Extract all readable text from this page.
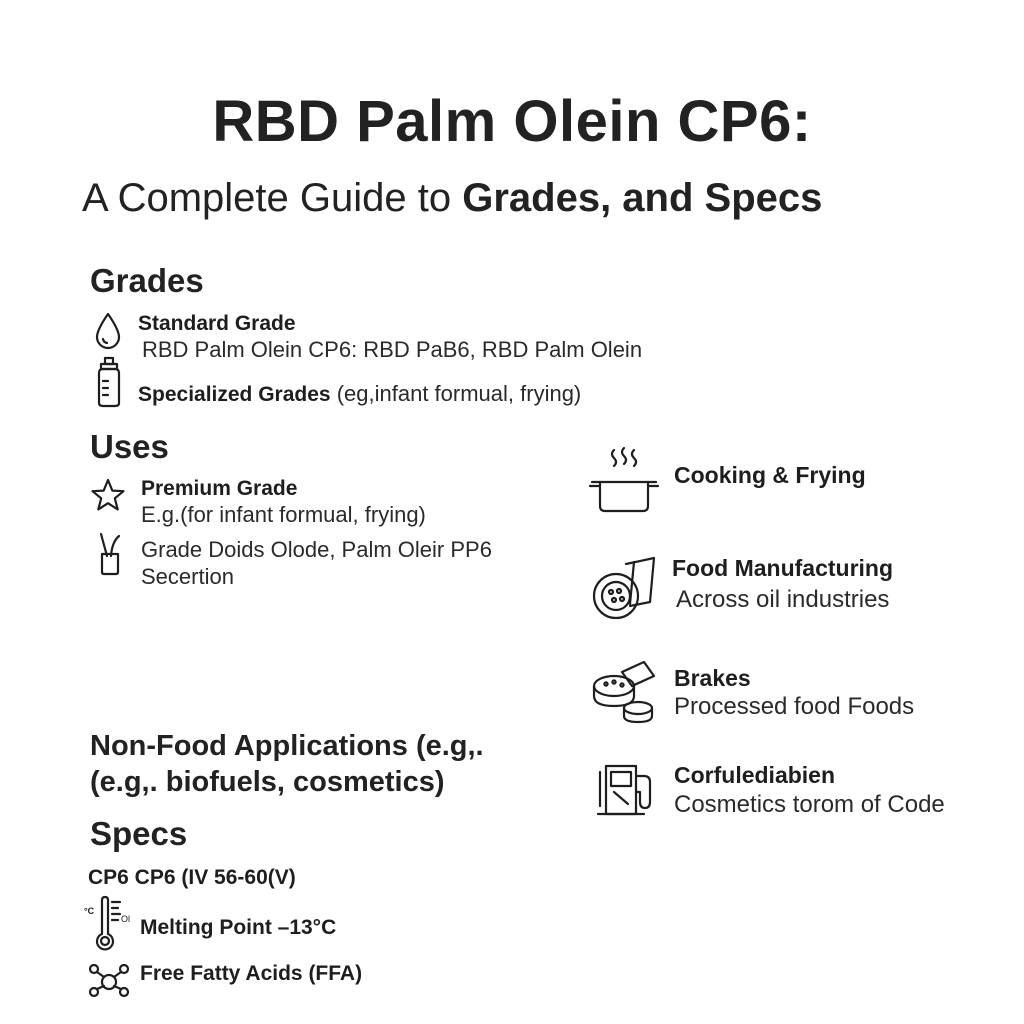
RBD Palm Olein CP6:
A Complete Guide to Grades, and Specs
Grades
Standard Grade
RBD Palm Olein CP6: RBD PaB6, RBD Palm Olein
Specialized Grades (eg,infant formual, frying)
Uses
Premium Grade
E.g.(for infant formual, frying)
Grade Doids Olode, Palm Oleir PP6
Secertion
Cooking & Frying
Food Manufacturing
Across oil industries
Brakes
Processed food Foods
Corfulediabien
Cosmetics torom of Code
Non-Food Applications (e.g,.
(e.g,. biofuels, cosmetics)
Specs
CP6 CP6 (IV 56-60(V)
°C
Ol Melting Point –13°C
Free Fatty Acids (FFA)
